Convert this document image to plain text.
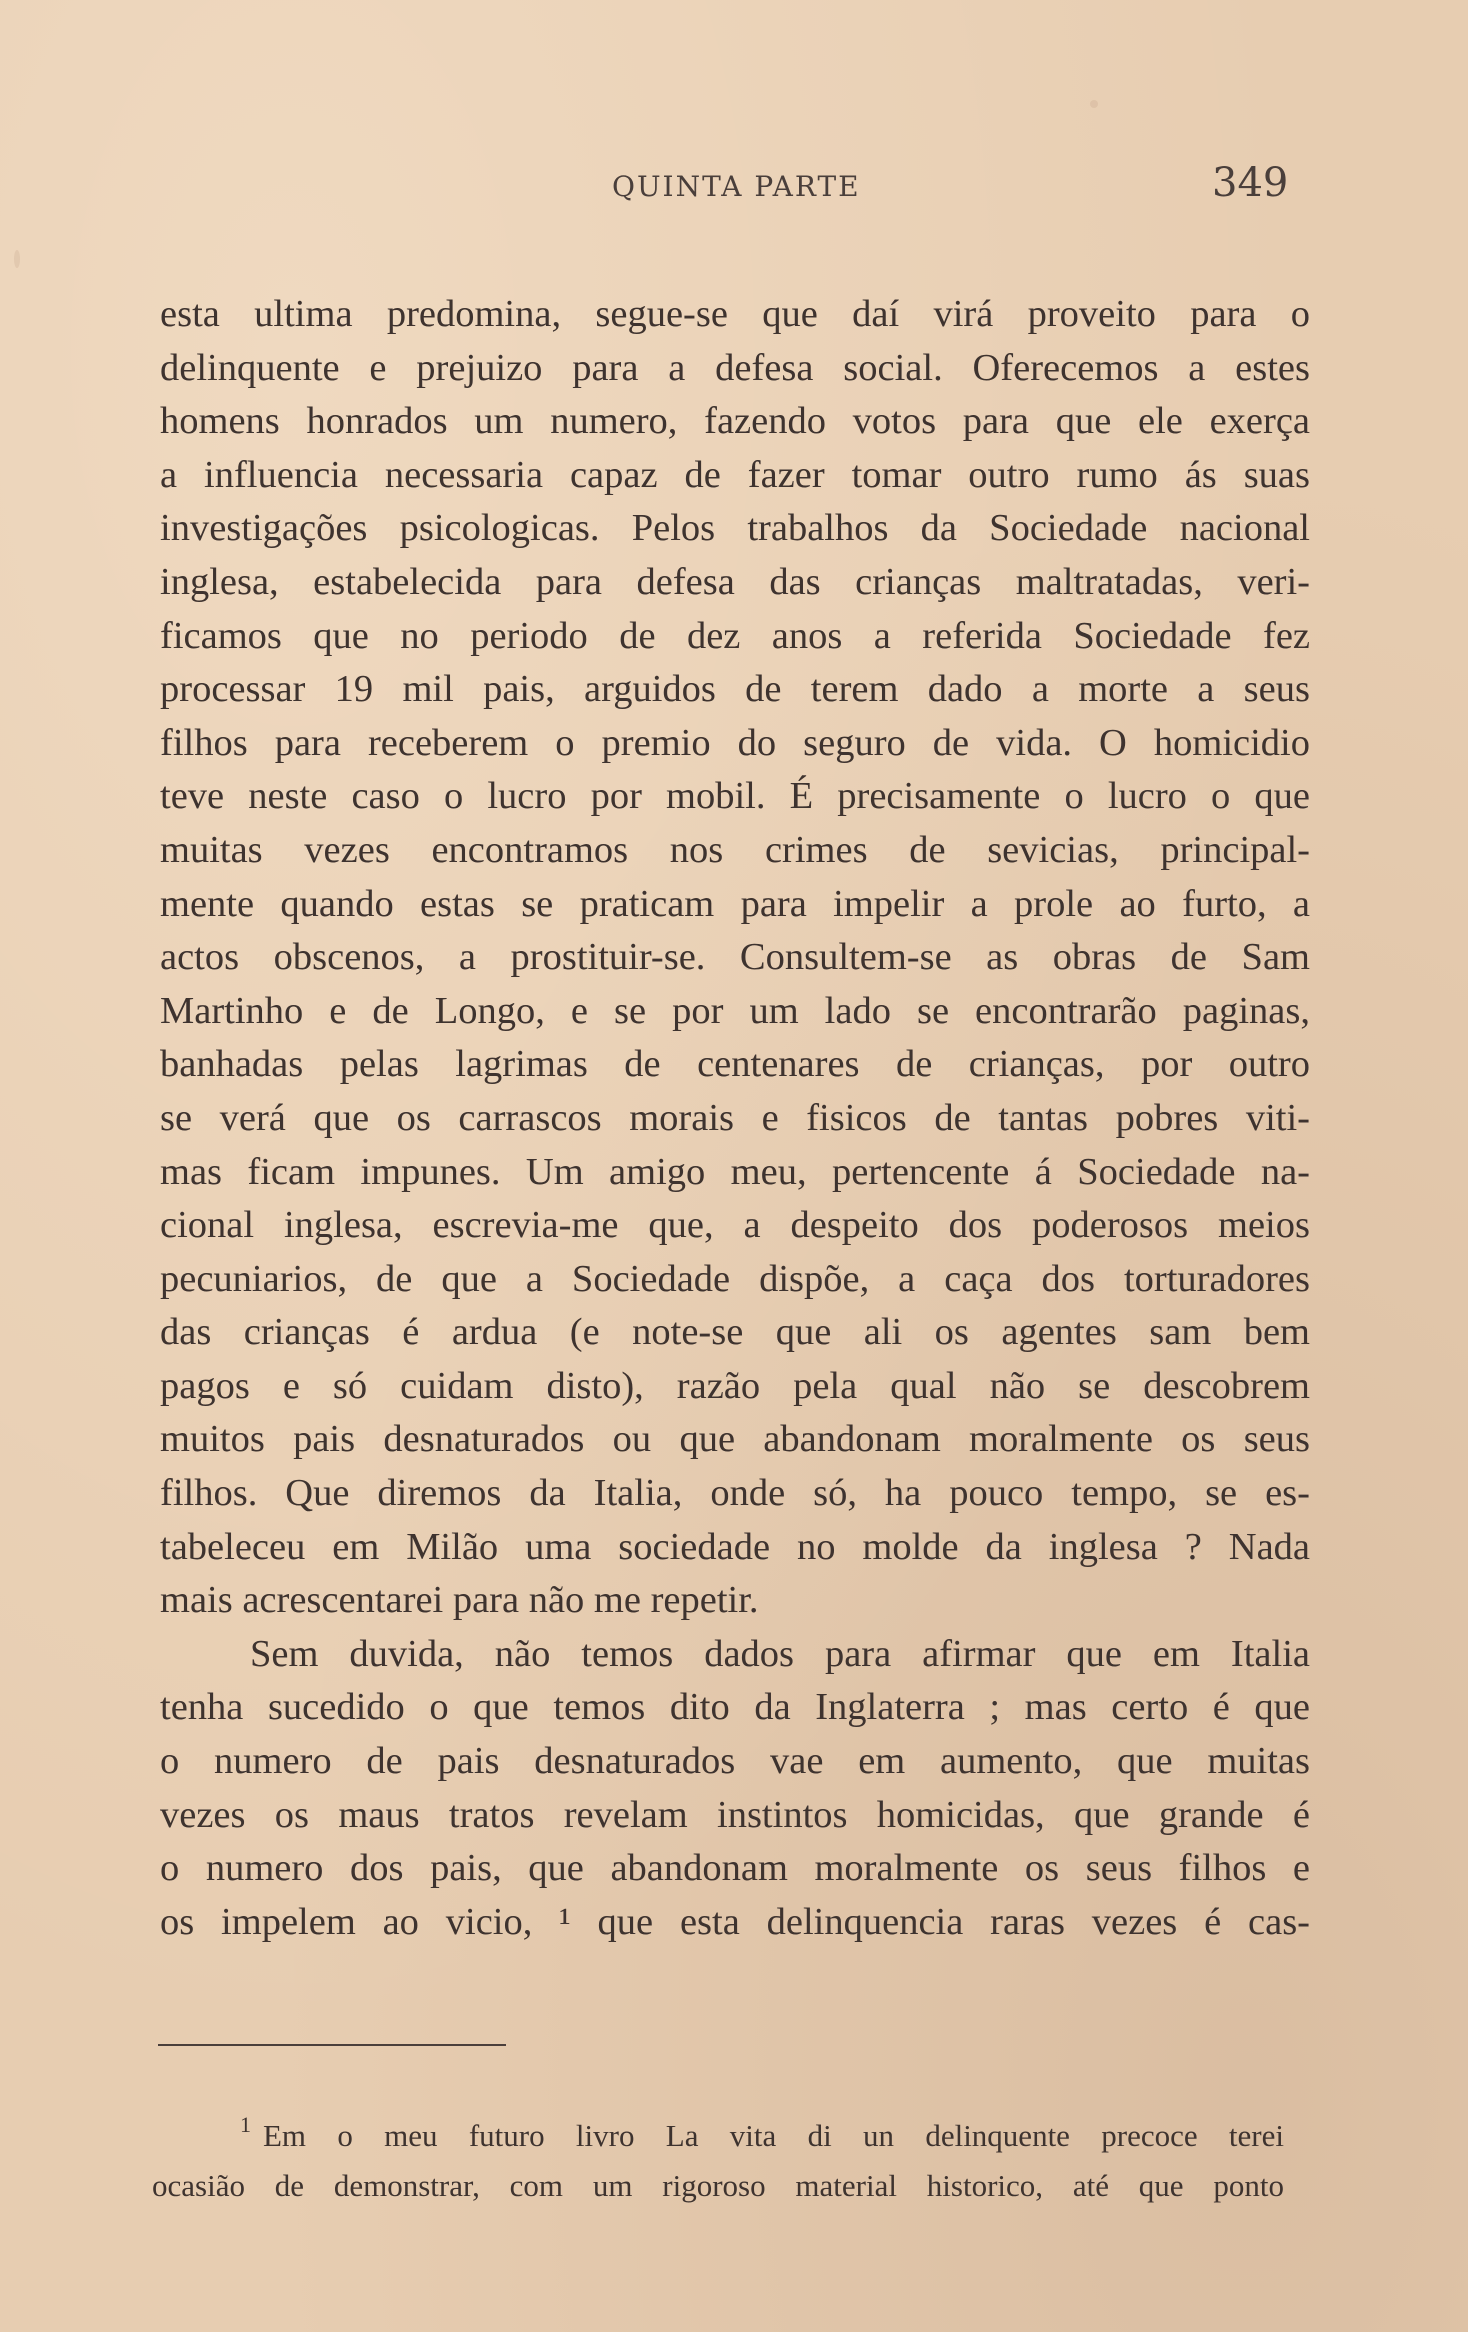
QUINTA PARTE	349
esta ultima predomina, segue-se que daí virá proveito para o
delinquente e prejuizo para a defesa social. Oferecemos a estes
homens honrados um numero, fazendo votos para que ele exerça
a influencia necessaria capaz de fazer tomar outro rumo ás suas
investigações psicologicas. Pelos trabalhos da Sociedade nacional
inglesa, estabelecida para defesa das crianças maltratadas, veri-
ficamos que no periodo de dez anos a referida Sociedade fez
processar 19 mil pais, arguidos de terem dado a morte a seus
filhos para receberem o premio do seguro de vida. O homicidio
teve neste caso o lucro por mobil. É precisamente o lucro o que
muitas vezes encontramos nos crimes de sevicias, principal-
mente quando estas se praticam para impelir a prole ao furto, a
actos obscenos, a prostituir-se. Consultem-se as obras de Sam
Martinho e de Longo, e se por um lado se encontrarão paginas,
banhadas pelas lagrimas de centenares de crianças, por outro
se verá que os carrascos morais e fisicos de tantas pobres viti-
mas ficam impunes. Um amigo meu, pertencente á Sociedade na-
cional inglesa, escrevia-me que, a despeito dos poderosos meios
pecuniarios, de que a Sociedade dispõe, a caça dos torturadores
das crianças é ardua (e note-se que ali os agentes sam bem
pagos e só cuidam disto), razão pela qual não se descobrem
muitos pais desnaturados ou que abandonam moralmente os seus
filhos. Que diremos da Italia, onde só, ha pouco tempo, se es-
tabeleceu em Milão uma sociedade no molde da inglesa ? Nada
mais acrescentarei para não me repetir.
Sem duvida, não temos dados para afirmar que em Italia
tenha sucedido o que temos dito da Inglaterra ; mas certo é que
o numero de pais desnaturados vae em aumento, que muitas
vezes os maus tratos revelam instintos homicidas, que grande é
o numero dos pais, que abandonam moralmente os seus filhos e
os impelem ao vicio, ¹ que esta delinquencia raras vezes é cas-
$^1$ Em o meu futuro livro La vita di un delinquente precoce terei
ocasião de demonstrar, com um rigoroso material historico, até que ponto
